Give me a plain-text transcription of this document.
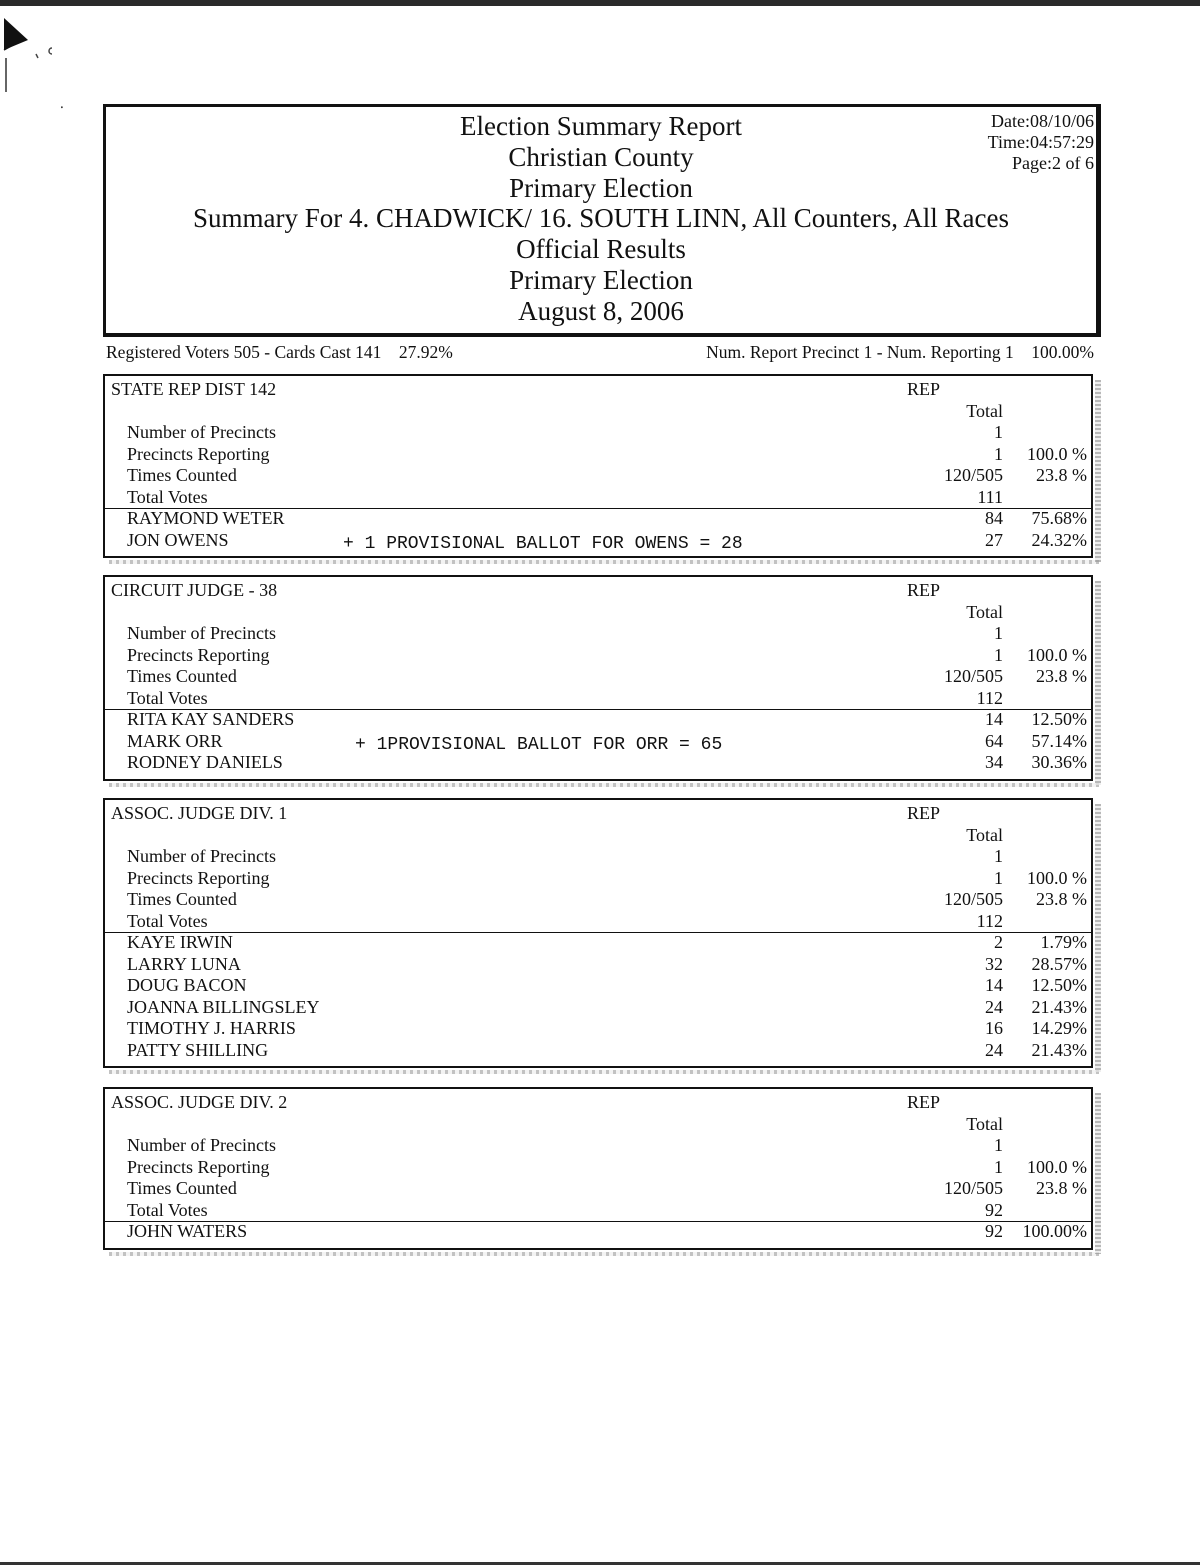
⸳
Election Summary Report
Christian County
Primary Election
Summary For 4. CHADWICK/ 16. SOUTH LINN, All Counters, All Races
Official Results
Primary Election
August 8, 2006
Date:08/10/06
Time:04:57:29
Page:2 of 6
Registered Voters 505 - Cards Cast 141    27.92%	Num. Report Precinct 1 - Num. Reporting 1    100.00%
STATE REP DIST 142	REP
Total
Number of Precincts	1
Precincts Reporting	1 100.0 %
Times Counted	120/505 23.8 %
Total Votes	111
RAYMOND WETER	84 75.68%
JON OWENS	+ 1 PROVISIONAL BALLOT FOR OWENS = 28	27 24.32%
CIRCUIT JUDGE - 38	REP
Total
Number of Precincts	1
Precincts Reporting	1 100.0 %
Times Counted	120/505 23.8 %
Total Votes	112
RITA KAY SANDERS	14 12.50%
MARK ORR	+ 1PROVISIONAL BALLOT FOR ORR = 65	64 57.14%
RODNEY DANIELS	34 30.36%
ASSOC. JUDGE DIV. 1	REP
Total
Number of Precincts	1
Precincts Reporting	1 100.0 %
Times Counted	120/505 23.8 %
Total Votes	112
KAYE IRWIN	2 1.79%
LARRY LUNA	32 28.57%
DOUG BACON	14 12.50%
JOANNA BILLINGSLEY	24 21.43%
TIMOTHY J. HARRIS	16 14.29%
PATTY SHILLING	24 21.43%
ASSOC. JUDGE DIV. 2	REP
Total
Number of Precincts	1
Precincts Reporting	1 100.0 %
Times Counted	120/505 23.8 %
Total Votes	92
JOHN WATERS	92 100.00%
